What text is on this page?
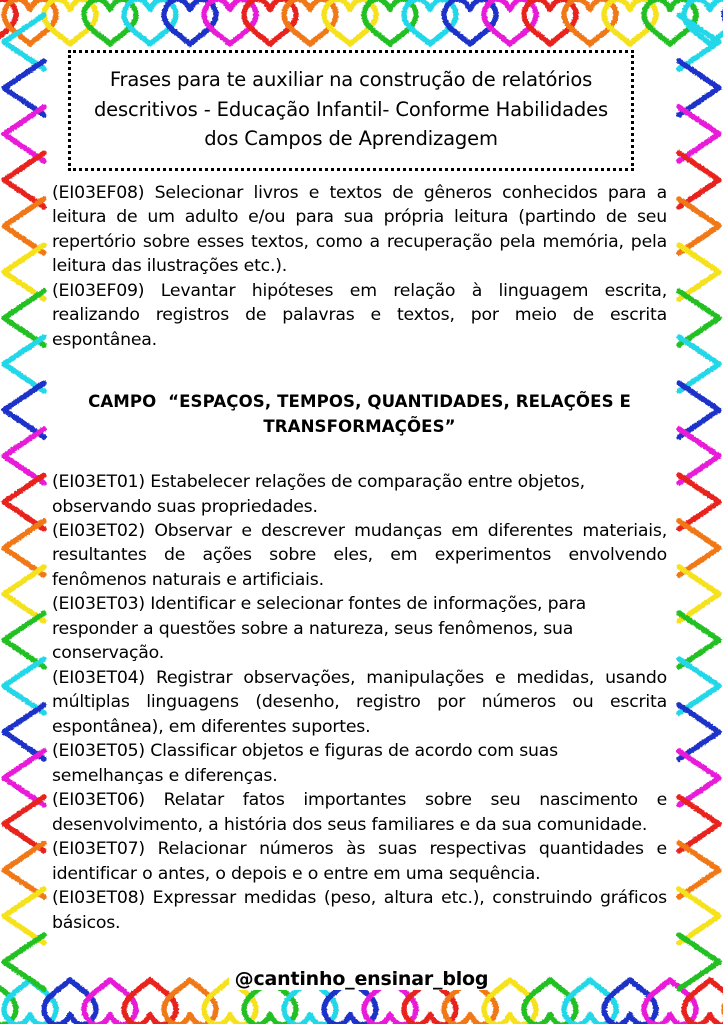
Frases para te auxiliar na construção de relatórios descritivos - Educação Infantil- Conforme Habilidades dos Campos de Aprendizagem

(EI03EF08) Selecionar livros e textos de gêneros conhecidos para a leitura de um adulto e/ou para sua própria leitura (partindo de seu repertório sobre esses textos, como a recuperação pela memória, pela leitura das ilustrações etc.).

(EI03EF09) Levantar hipóteses em relação à linguagem escrita, realizando registros de palavras e textos, por meio de escrita espontânea.

CAMPO  “ESPAÇOS, TEMPOS, QUANTIDADES, RELAÇÕES E TRANSFORMAÇÕES”

(EI03ET01) Estabelecer relações de comparação entre objetos, observando suas propriedades.

(EI03ET02) Observar e descrever mudanças em diferentes materiais, resultantes de ações sobre eles, em experimentos envolvendo fenômenos naturais e artificiais.

(EI03ET03) Identificar e selecionar fontes de informações, para responder a questões sobre a natureza, seus fenômenos, sua conservação.

(EI03ET04) Registrar observações, manipulações e medidas, usando múltiplas linguagens (desenho, registro por números ou escrita espontânea), em diferentes suportes.

(EI03ET05) Classificar objetos e figuras de acordo com suas semelhanças e diferenças.

(EI03ET06) Relatar fatos importantes sobre seu nascimento e desenvolvimento, a história dos seus familiares e da sua comunidade.

(EI03ET07) Relacionar números às suas respectivas quantidades e identificar o antes, o depois e o entre em uma sequência.

(EI03ET08) Expressar medidas (peso, altura etc.), construindo gráficos básicos.

@cantinho_ensinar_blog
